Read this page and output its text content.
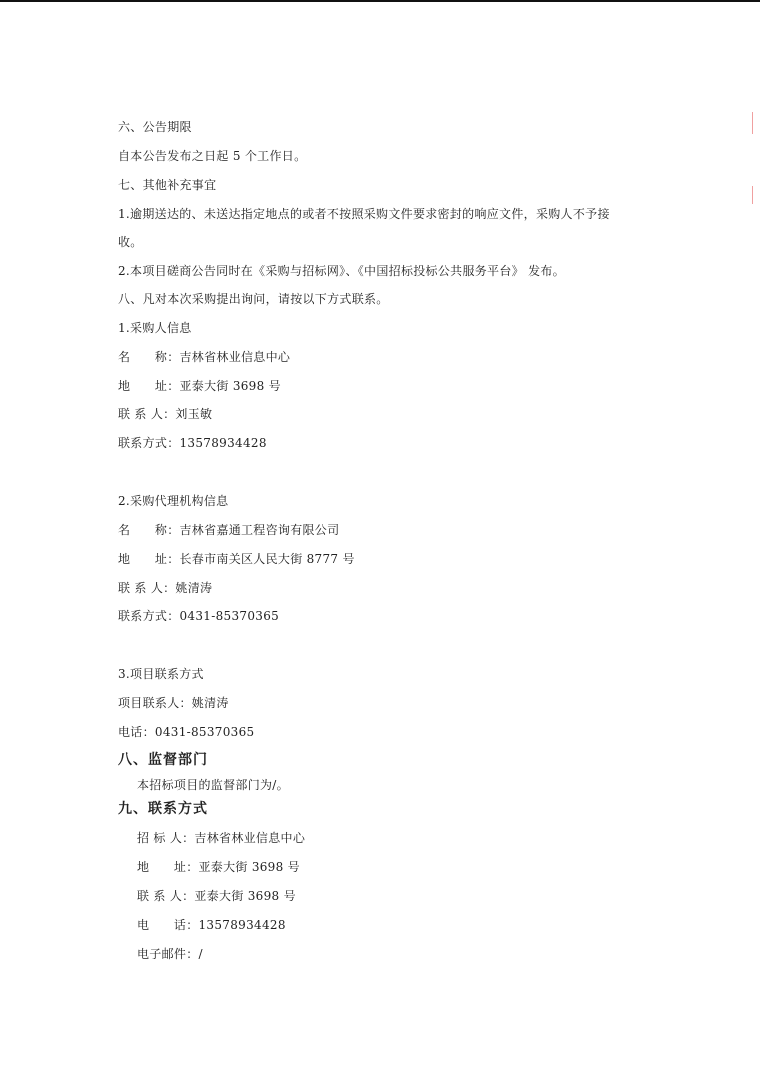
六、公告期限
自本公告发布之日起 5 个工作日。
七、其他补充事宜
1.逾期送达的、未送达指定地点的或者不按照采购文件要求密封的响应文件，采购人不予接
收。
2.本项目磋商公告同时在《采购与招标网》、《中国招标投标公共服务平台》 发布。
八、凡对本次采购提出询问，请按以下方式联系。
1.采购人信息
名　　称：吉林省林业信息中心
地　　址：亚泰大街 3698 号
联 系 人：刘玉敏
联系方式：13578934428
2.采购代理机构信息
名　　称：吉林省嘉通工程咨询有限公司
地　　址：长春市南关区人民大街 8777 号
联 系 人：姚清涛
联系方式：0431-85370365
3.项目联系方式
项目联系人：姚清涛
电话：0431-85370365
八、监督部门
本招标项目的监督部门为/。
九、联系方式
招 标 人：吉林省林业信息中心
地　　址：亚泰大街 3698 号
联 系 人：亚泰大街 3698 号
电　　话：13578934428
电子邮件：/
